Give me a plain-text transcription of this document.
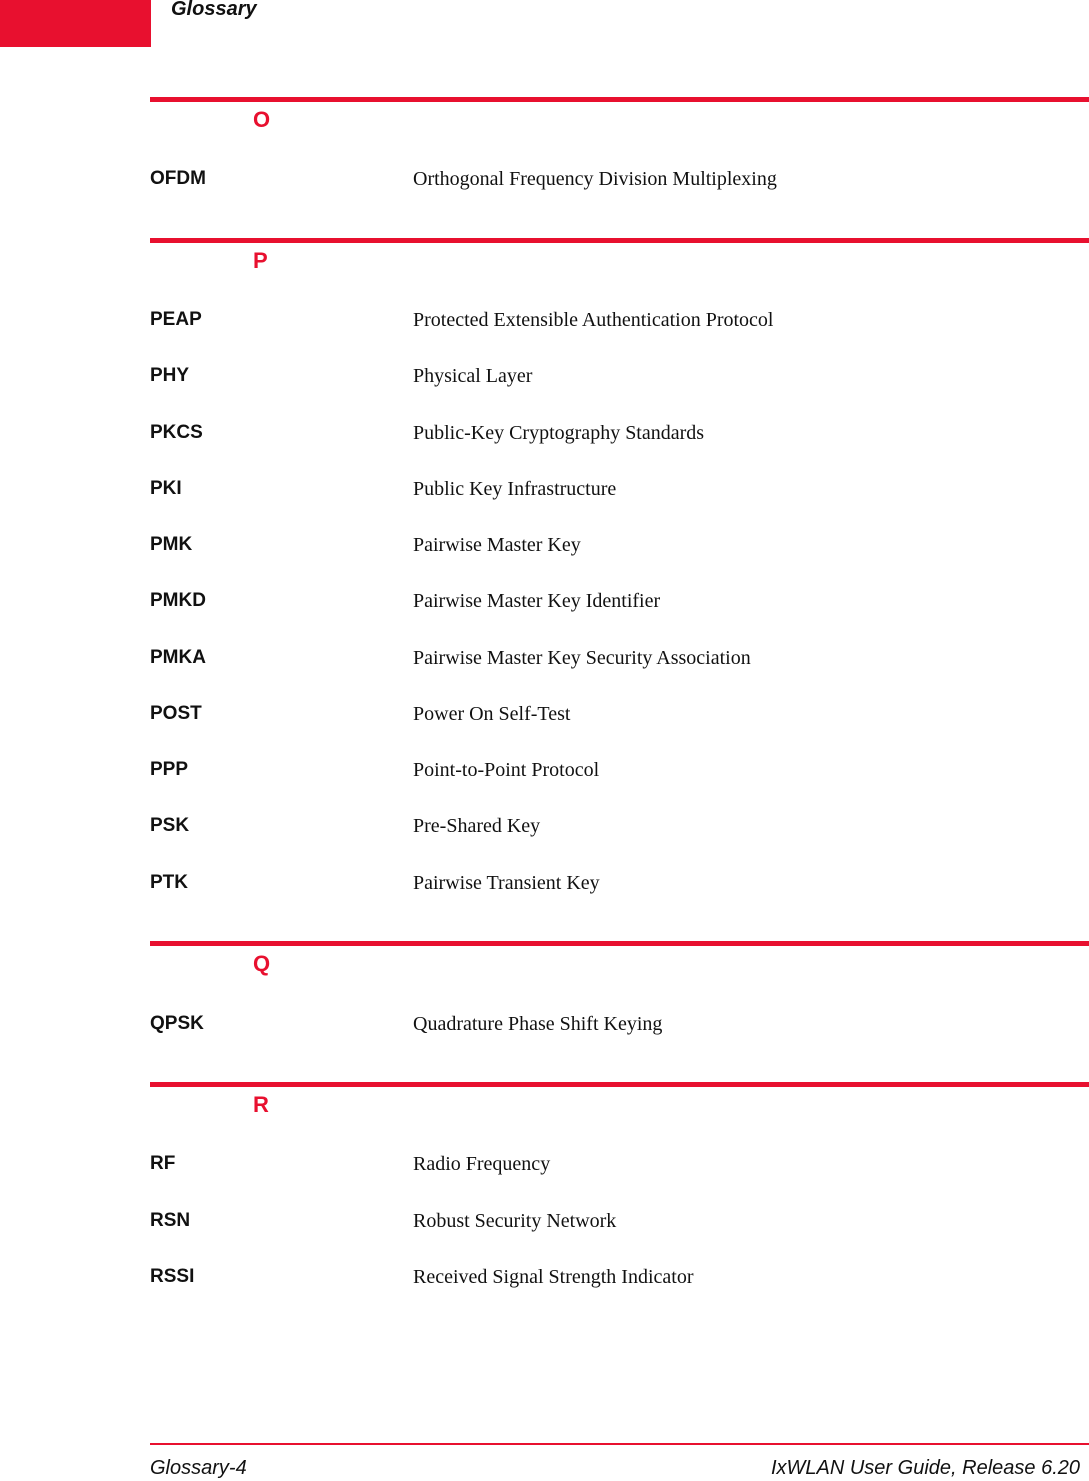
Glossary
O
OFDM	Orthogonal Frequency Division Multiplexing
P
PEAP	Protected Extensible Authentication Protocol
PHY	Physical Layer
PKCS	Public-Key Cryptography Standards
PKI	Public Key Infrastructure
PMK	Pairwise Master Key
PMKD	Pairwise Master Key Identifier
PMKA	Pairwise Master Key Security Association
POST	Power On Self-Test
PPP	Point-to-Point Protocol
PSK	Pre-Shared Key
PTK	Pairwise Transient Key
Q
QPSK	Quadrature Phase Shift Keying
R
RF	Radio Frequency
RSN	Robust Security Network
RSSI	Received Signal Strength Indicator
Glossary-4	IxWLAN User Guide, Release 6.20
